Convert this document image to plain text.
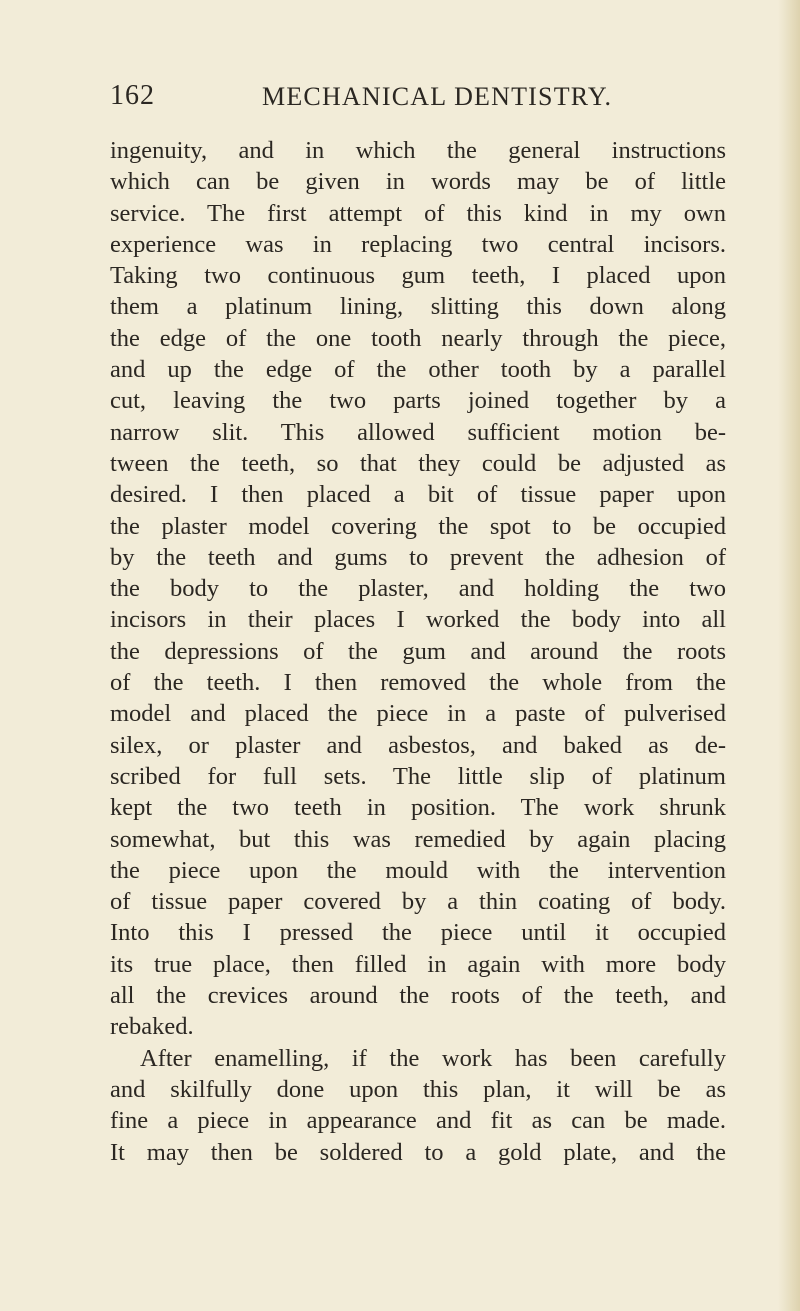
162	MECHANICAL DENTISTRY.
ingenuity, and in which the general instructions
which can be given in words may be of little
service. The first attempt of this kind in my own
experience was in replacing two central incisors.
Taking two continuous gum teeth, I placed upon
them a platinum lining, slitting this down along
the edge of the one tooth nearly through the piece,
and up the edge of the other tooth by a parallel
cut, leaving the two parts joined together by a
narrow slit. This allowed sufficient motion be-
tween the teeth, so that they could be adjusted as
desired. I then placed a bit of tissue paper upon
the plaster model covering the spot to be occupied
by the teeth and gums to prevent the adhesion of
the body to the plaster, and holding the two
incisors in their places I worked the body into all
the depressions of the gum and around the roots
of the teeth. I then removed the whole from the
model and placed the piece in a paste of pulverised
silex, or plaster and asbestos, and baked as de-
scribed for full sets. The little slip of platinum
kept the two teeth in position. The work shrunk
somewhat, but this was remedied by again placing
the piece upon the mould with the intervention
of tissue paper covered by a thin coating of body.
Into this I pressed the piece until it occupied
its true place, then filled in again with more body
all the crevices around the roots of the teeth, and
rebaked.
After enamelling, if the work has been carefully
and skilfully done upon this plan, it will be as
fine a piece in appearance and fit as can be made.
It may then be soldered to a gold plate, and the
